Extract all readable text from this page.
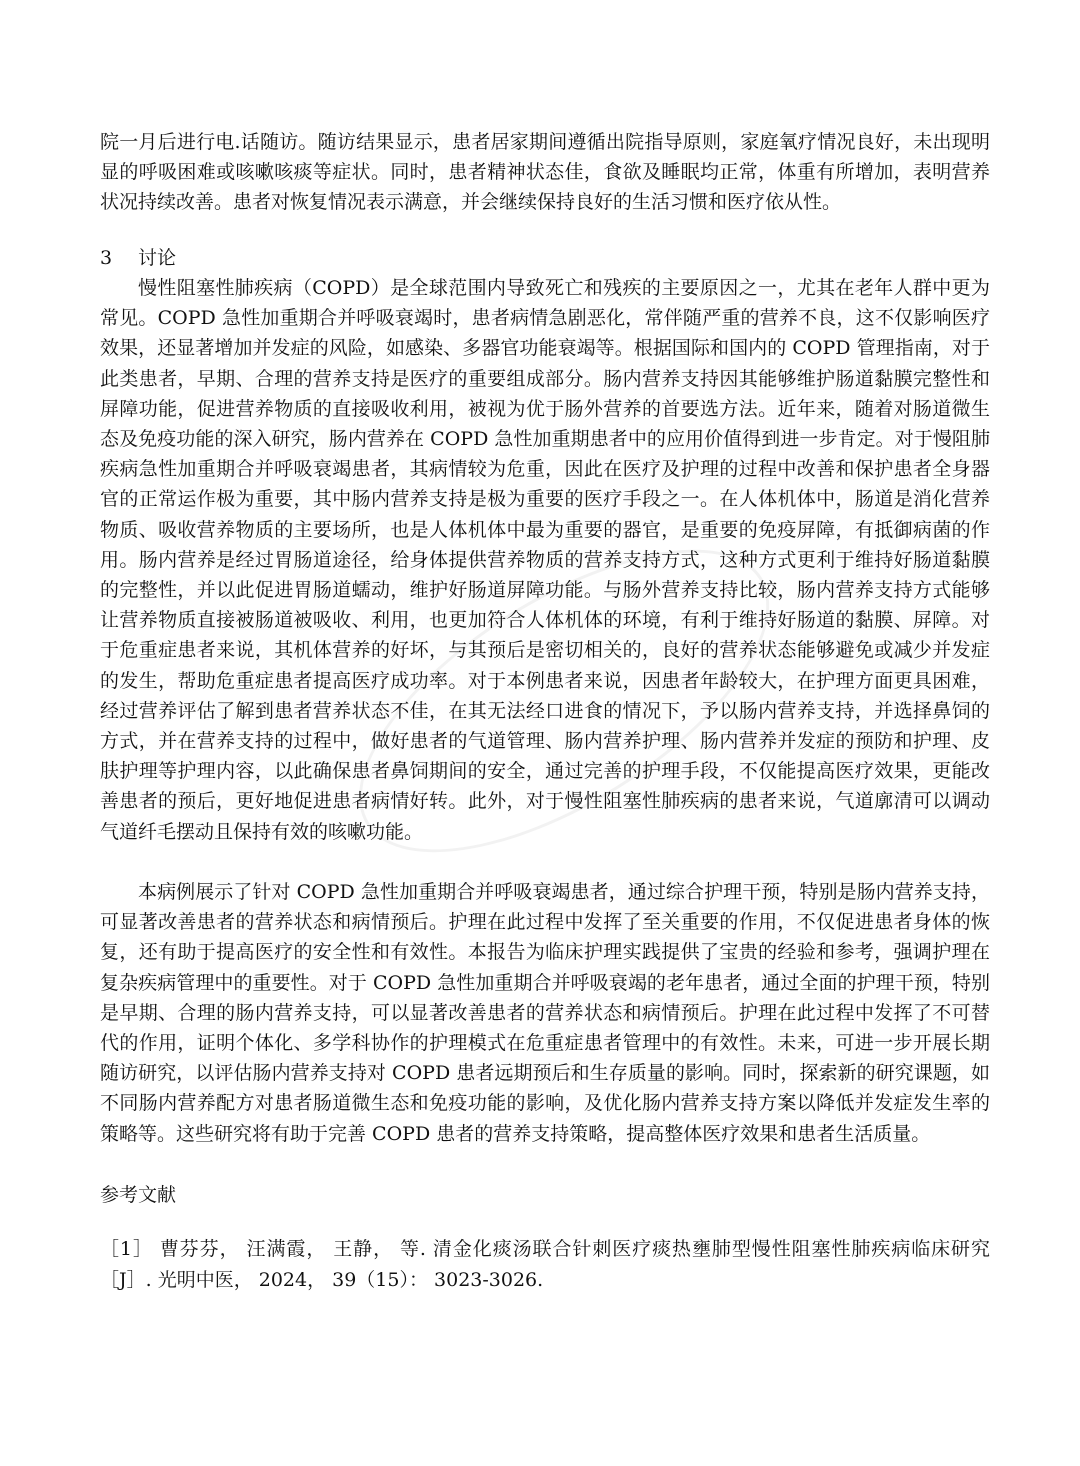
院一月后进行电.话随访。随访结果显示，患者居家期间遵循出院指导原则，家庭氧疗情况良好，未出现明显的呼吸困难或咳嗽咳痰等症状。同时，患者精神状态佳，食欲及睡眠均正常，体重有所增加，表明营养状况持续改善。患者对恢复情况表示满意，并会继续保持良好的生活习惯和医疗依从性。

3 讨论

慢性阻塞性肺疾病（COPD）是全球范围内导致死亡和残疾的主要原因之一，尤其在老年人群中更为常见。COPD 急性加重期合并呼吸衰竭时，患者病情急剧恶化，常伴随严重的营养不良，这不仅影响医疗效果，还显著增加并发症的风险，如感染、多器官功能衰竭等。根据国际和国内的 COPD 管理指南，对于此类患者，早期、合理的营养支持是医疗的重要组成部分。肠内营养支持因其能够维护肠道黏膜完整性和屏障功能，促进营养物质的直接吸收利用，被视为优于肠外营养的首要选方法。近年来，随着对肠道微生态及免疫功能的深入研究，肠内营养在 COPD 急性加重期患者中的应用价值得到进一步肯定。对于慢阻肺疾病急性加重期合并呼吸衰竭患者，其病情较为危重，因此在医疗及护理的过程中改善和保护患者全身器官的正常运作极为重要，其中肠内营养支持是极为重要的医疗手段之一。在人体机体中，肠道是消化营养物质、吸收营养物质的主要场所，也是人体机体中最为重要的器官，是重要的免疫屏障，有抵御病菌的作用。肠内营养是经过胃肠道途径，给身体提供营养物质的营养支持方式，这种方式更利于维持好肠道黏膜的完整性，并以此促进胃肠道蠕动，维护好肠道屏障功能。与肠外营养支持比较，肠内营养支持方式能够让营养物质直接被肠道被吸收、利用，也更加符合人体机体的环境，有利于维持好肠道的黏膜、屏障。对于危重症患者来说，其机体营养的好坏，与其预后是密切相关的，良好的营养状态能够避免或减少并发症的发生，帮助危重症患者提高医疗成功率。对于本例患者来说，因患者年龄较大，在护理方面更具困难，经过营养评估了解到患者营养状态不佳，在其无法经口进食的情况下，予以肠内营养支持，并选择鼻饲的方式，并在营养支持的过程中，做好患者的气道管理、肠内营养护理、肠内营养并发症的预防和护理、皮肤护理等护理内容，以此确保患者鼻饲期间的安全，通过完善的护理手段，不仅能提高医疗效果，更能改善患者的预后，更好地促进患者病情好转。此外，对于慢性阻塞性肺疾病的患者来说，气道廓清可以调动气道纤毛摆动且保持有效的咳嗽功能。

本病例展示了针对 COPD 急性加重期合并呼吸衰竭患者，通过综合护理干预，特别是肠内营养支持，可显著改善患者的营养状态和病情预后。护理在此过程中发挥了至关重要的作用，不仅促进患者身体的恢复，还有助于提高医疗的安全性和有效性。本报告为临床护理实践提供了宝贵的经验和参考，强调护理在复杂疾病管理中的重要性。对于 COPD 急性加重期合并呼吸衰竭的老年患者，通过全面的护理干预，特别是早期、合理的肠内营养支持，可以显著改善患者的营养状态和病情预后。护理在此过程中发挥了不可替代的作用，证明个体化、多学科协作的护理模式在危重症患者管理中的有效性。未来，可进一步开展长期随访研究，以评估肠内营养支持对 COPD 患者远期预后和生存质量的影响。同时，探索新的研究课题，如不同肠内营养配方对患者肠道微生态和免疫功能的影响，及优化肠内营养支持方案以降低并发症发生率的策略等。这些研究将有助于完善 COPD 患者的营养支持策略，提高整体医疗效果和患者生活质量。

参考文献

［1］ 曹芬芬， 汪满霞， 王静， 等. 清金化痰汤联合针刺医疗痰热壅肺型慢性阻塞性肺疾病临床研究［J］. 光明中医， 2024， 39（15）： 3023-3026.
